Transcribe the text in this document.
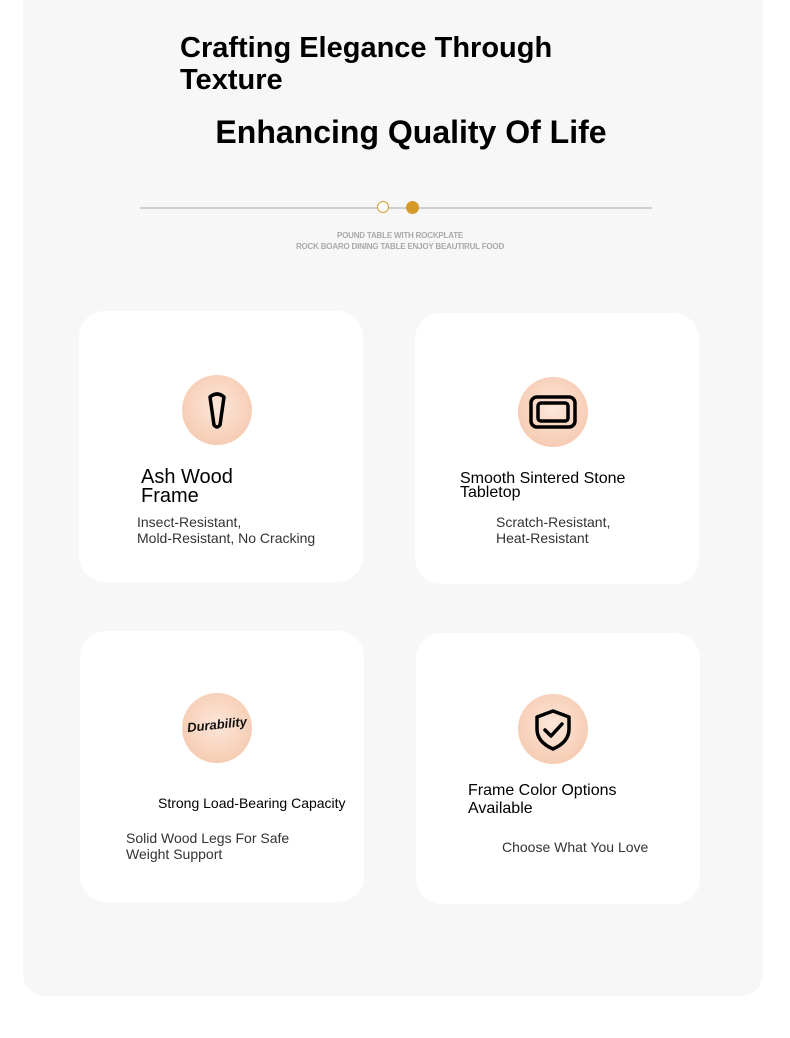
Crafting Elegance Through
Texture
Enhancing Quality Of Life
POUND TABLE WITH ROCKPLATE
ROCK BOARO DINING TABLE ENJOY BEAUTIRUL FOOD
Ash Wood
Frame
Insect-Resistant,
Mold-Resistant, No Cracking
Smooth Sintered Stone
Tabletop
Scratch-Resistant,
Heat-Resistant
Durability
Strong Load-Bearing Capacity
Solid Wood Legs For Safe
Weight Support
Frame Color Options
Available
Choose What You Love
